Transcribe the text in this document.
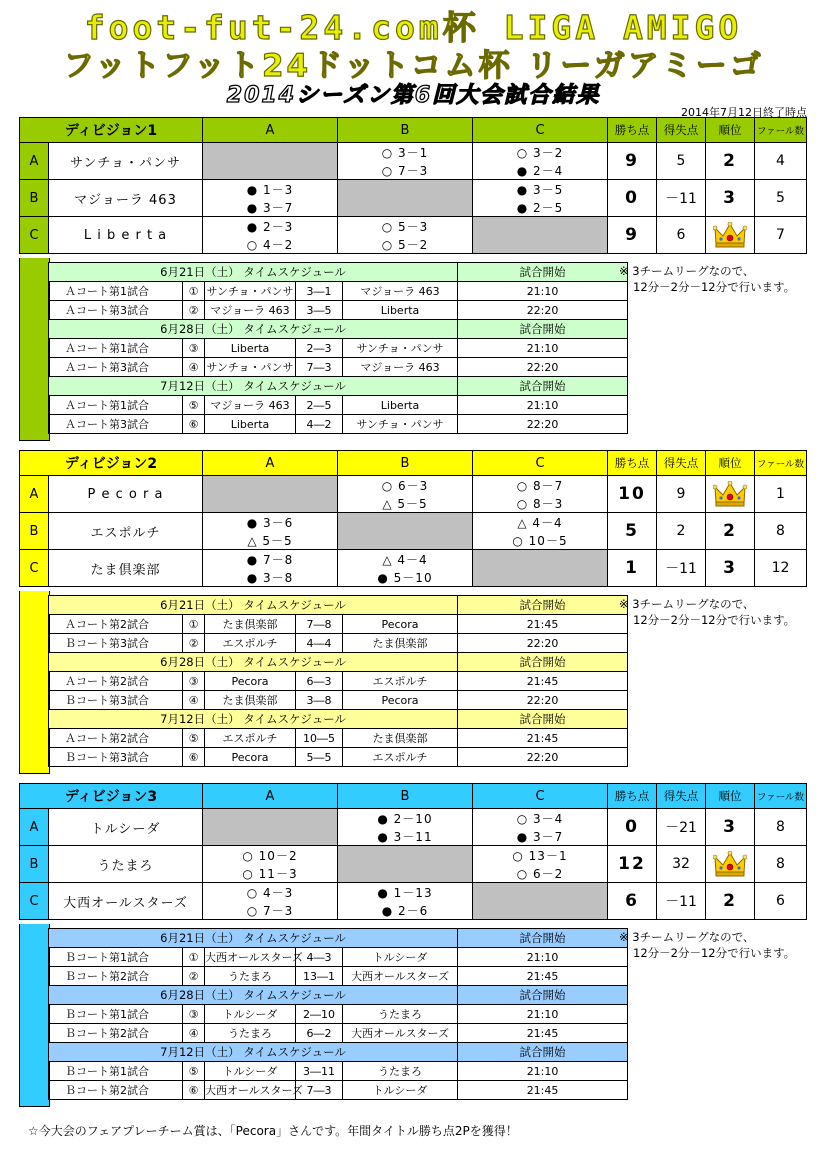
foot-fut-24.com杯 LIGA AMIGO
フットフット24ドットコム杯 リーガアミーゴ
2014シーズン第6回大会試合結果
2014年7月12日終了時点
ディビジョン1		A	B	C	勝ち点	得失点	順位	ファール数
A	サンチョ・パンサ		○ 3－1	○ 3－2	9	5	2	4
			○ 7－3	● 2－4				
B	マジョーラ 463	● 1－3		● 3－5	0	－11	3	5
		● 3－7		● 2－5				
C	L i b e r t a	● 2－3	○ 5－3		9	6		7
		○ 4－2	○ 5－2					
6月21日（土） タイムスケジュール					試合開始
Ａコート第1試合	①	サンチョ・パンサ	3―1	マジョーラ 463	21:10
Ａコート第3試合	②	マジョーラ 463	3―5	Liberta	22:20
6月28日（土） タイムスケジュール					試合開始
Ａコート第1試合	③	Liberta	2―3	サンチョ・パンサ	21:10
Ａコート第3試合	④	サンチョ・パンサ	7―3	マジョーラ 463	22:20
7月12日（土） タイムスケジュール					試合開始
Ａコート第1試合	⑤	マジョーラ 463	2―5	Liberta	21:10
Ａコート第3試合	⑥	Liberta	4―2	サンチョ・パンサ	22:20
※ 3チームリーグなので、
12分－2分－12分で行います。
ディビジョン2		A	B	C	勝ち点	得失点	順位	ファール数
A	P e c o r a		○ 6－3	○ 8－7	10	9		1
			△ 5－5	○ 8－3				
B	エスポルチ	● 3－6		△ 4－4	5	2	2	8
		△ 5－5		○ 10－5				
C	たま倶楽部	● 7－8	△ 4－4		1	－11	3	12
		● 3－8	● 5－10					
6月21日（土） タイムスケジュール					試合開始
Ａコート第2試合	①	たま倶楽部	7―8	Pecora	21:45
Ｂコート第3試合	②	エスポルチ	4―4	たま倶楽部	22:20
6月28日（土） タイムスケジュール					試合開始
Ａコート第2試合	③	Pecora	6―3	エスポルチ	21:45
Ｂコート第3試合	④	たま倶楽部	3―8	Pecora	22:20
7月12日（土） タイムスケジュール					試合開始
Ａコート第2試合	⑤	エスポルチ	10―5	たま倶楽部	21:45
Ｂコート第3試合	⑥	Pecora	5―5	エスポルチ	22:20
※ 3チームリーグなので、
12分－2分－12分で行います。
ディビジョン3		A	B	C	勝ち点	得失点	順位	ファール数
A	トルシーダ		● 2－10	○ 3－4	0	－21	3	8
			● 3－11	● 3－7				
B	うたまろ	○ 10－2		○ 13－1	12	32		8
		○ 11－3		○ 6－2				
C	大西オールスターズ	○ 4－3	● 1－13		6	－11	2	6
		○ 7－3	● 2－6					
6月21日（土） タイムスケジュール					試合開始
Ｂコート第1試合	①	大西オールスターズ	4―3	トルシーダ	21:10
Ｂコート第2試合	②	うたまろ	13―1	大西オールスターズ	21:45
6月28日（土） タイムスケジュール					試合開始
Ｂコート第1試合	③	トルシーダ	2―10	うたまろ	21:10
Ｂコート第2試合	④	うたまろ	6―2	大西オールスターズ	21:45
7月12日（土） タイムスケジュール					試合開始
Ｂコート第1試合	⑤	トルシーダ	3―11	うたまろ	21:10
Ｂコート第2試合	⑥	大西オールスターズ	7―3	トルシーダ	21:45
※ 3チームリーグなので、
12分－2分－12分で行います。
☆今大会のフェアプレーチーム賞は、「Pecora」さんです。年間タイトル勝ち点2Pを獲得！
